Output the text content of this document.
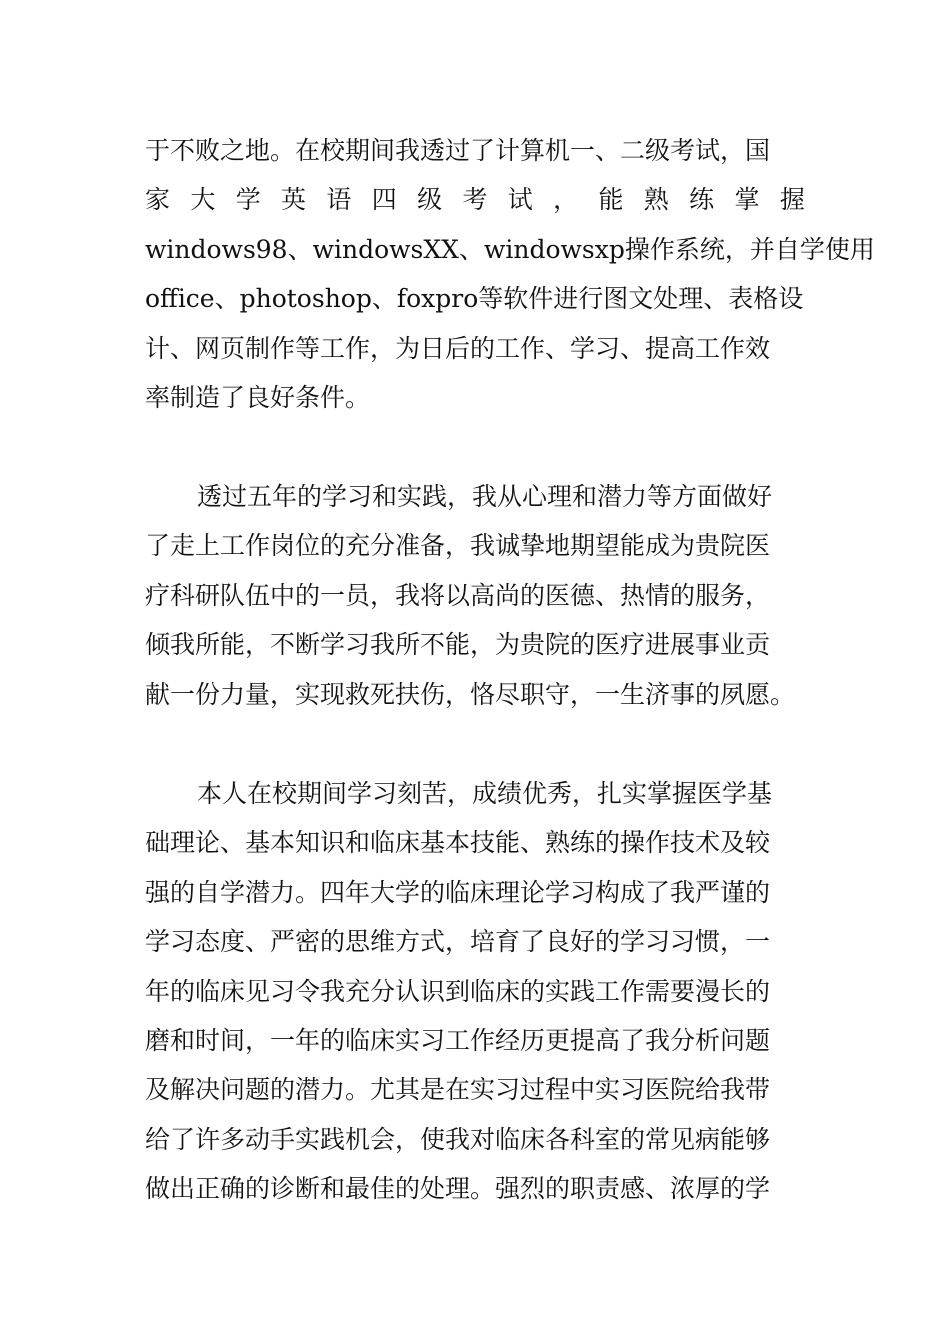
于不败之地。在校期间我透过了计算机一、二级考试，国
家 大 学 英 语 四 级 考 试 ， 能 熟 练 掌 握
windows98、windowsXX、windowsxp操作系统，并自学使用
office、photoshop、foxpro等软件进行图文处理、表格设
计、网页制作等工作，为日后的工作、学习、提高工作效
率制造了良好条件。
透过五年的学习和实践，我从心理和潜力等方面做好
了走上工作岗位的充分准备，我诚挚地期望能成为贵院医
疗科研队伍中的一员，我将以高尚的医德、热情的服务，
倾我所能，不断学习我所不能，为贵院的医疗进展事业贡
献一份力量，实现救死扶伤，恪尽职守，一生济事的夙愿。
本人在校期间学习刻苦，成绩优秀，扎实掌握医学基
础理论、基本知识和临床基本技能、熟练的操作技术及较
强的自学潜力。四年大学的临床理论学习构成了我严谨的
学习态度、严密的思维方式，培育了良好的学习习惯，一
年的临床见习令我充分认识到临床的实践工作需要漫长的
磨和时间，一年的临床实习工作经历更提高了我分析问题
及解决问题的潜力。尤其是在实习过程中实习医院给我带
给了许多动手实践机会，使我对临床各科室的常见病能够
做出正确的诊断和最佳的处理。强烈的职责感、浓厚的学
